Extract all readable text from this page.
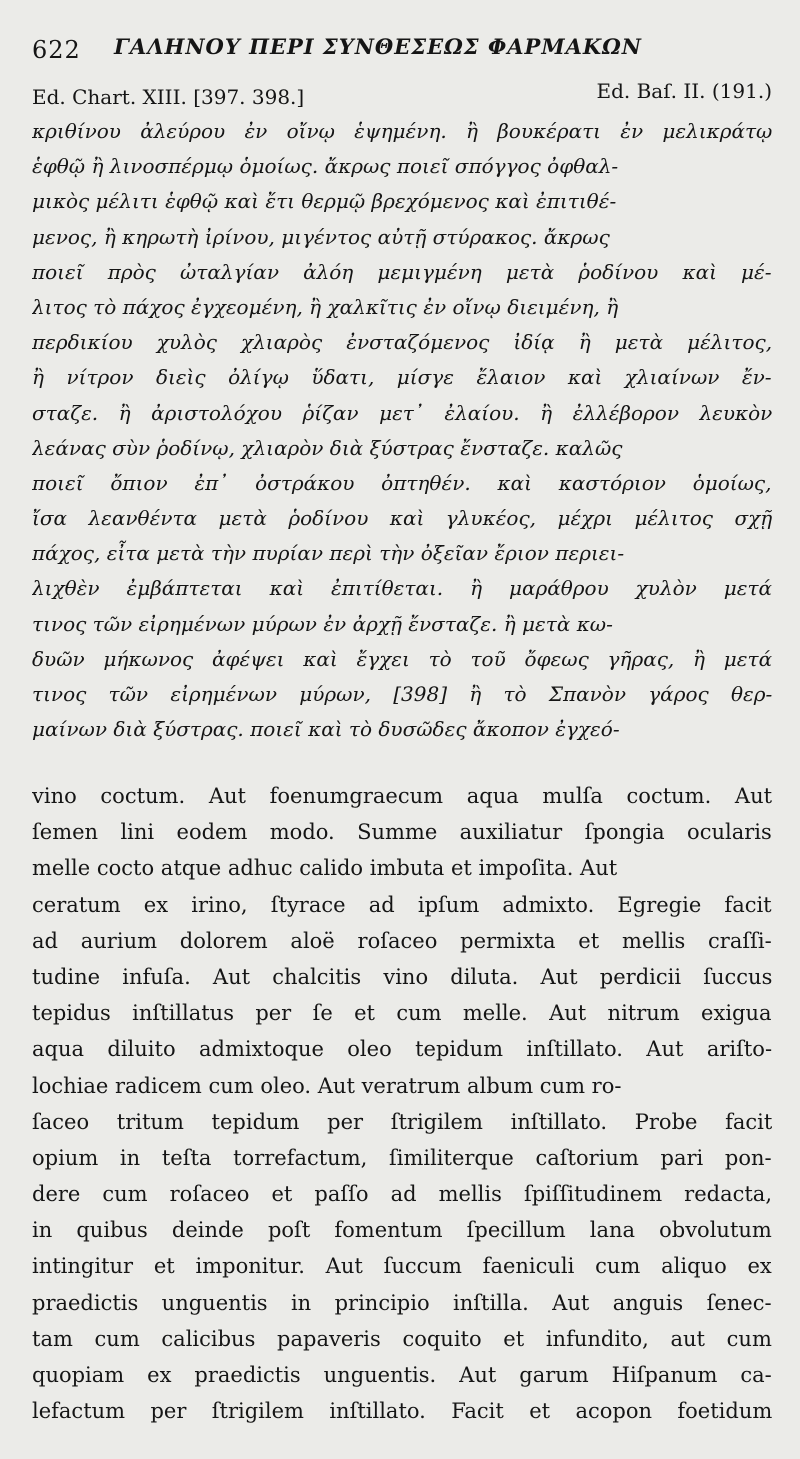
622 ΓΑΛΗΝΟΥ ΠΕΡΙ ΣΥΝΘΕΣΕΩΣ ΦΑΡΜΑΚΩΝ
Ed. Chart. XIII. [397. 398.]	Ed. Baſ. II. (191.)
κριθίνου ἀλεύρου ἐν οἴνῳ ἑψημένη. ἢ βουκέρατι ἐν μελικράτῳ
ἑφθῷ ἢ λινοσπέρμῳ ὁμοίως. ἄκρως ποιεῖ σπόγγος ὀφθαλ-
μικὸς μέλιτι ἑφθῷ καὶ ἔτι θερμῷ βρεχόμενος καὶ ἐπιτιθέ-
μενος, ἢ κηρωτὴ ἰρίνου, μιγέντος αὐτῇ στύρακος. ἄκρως
ποιεῖ πρὸς ὠταλγίαν ἀλόη μεμιγμένη μετὰ ῥοδίνου καὶ μέ-
λιτος τὸ πάχος ἐγχεομένη, ἢ χαλκῖτις ἐν οἴνῳ διειμένη, ἢ
περδικίου χυλὸς χλιαρὸς ἐνσταζόμενος ἰδίᾳ ἢ μετὰ μέλιτος,
ἢ νίτρον διεὶς ὀλίγῳ ὕδατι, μίσγε ἔλαιον καὶ χλιαίνων ἔν-
σταζε. ἢ ἀριστολόχου ῥίζαν μετ᾽ ἐλαίου. ἢ ἐλλέβορον λευκὸν
λεάνας σὺν ῥοδίνῳ, χλιαρὸν διὰ ξύστρας ἔνσταζε. καλῶς
ποιεῖ ὄπιον ἐπ᾽ ὀστράκου ὀπτηθέν. καὶ καστόριον ὁμοίως,
ἴσα λεανθέντα μετὰ ῥοδίνου καὶ γλυκέος, μέχρι μέλιτος σχῇ
πάχος, εἶτα μετὰ τὴν πυρίαν περὶ τὴν ὀξεῖαν ἔριον περιει-
λιχθὲν ἐμβάπτεται καὶ ἐπιτίθεται. ἢ μαράθρου χυλὸν μετά
τινος τῶν εἰρημένων μύρων ἐν ἀρχῇ ἔνσταζε. ἢ μετὰ κω-
δυῶν μήκωνος ἀφέψει καὶ ἔγχει τὸ τοῦ ὄφεως γῆρας, ἢ μετά
τινος τῶν εἰρημένων μύρων, [398] ἢ τὸ Σπανὸν γάρος θερ-
μαίνων διὰ ξύστρας. ποιεῖ καὶ τὸ δυσῶδες ἄκοπον ἐγχεό-
vino coctum. Aut foenumgraecum aqua mulſa coctum. Aut
ſemen lini eodem modo. Summe auxiliatur ſpongia ocularis
melle cocto atque adhuc calido imbuta et impoſita. Aut
ceratum ex irino, ſtyrace ad ipſum admixto. Egregie facit
ad aurium dolorem aloë roſaceo permixta et mellis craſſi-
tudine infuſa. Aut chalcitis vino diluta. Aut perdicii ſuccus
tepidus inſtillatus per ſe et cum melle. Aut nitrum exigua
aqua diluito admixtoque oleo tepidum inſtillato. Aut ariſto-
lochiae radicem cum oleo. Aut veratrum album cum ro-
ſaceo tritum tepidum per ſtrigilem inſtillato. Probe facit
opium in teſta torrefactum, ſimiliterque caſtorium pari pon-
dere cum roſaceo et paſſo ad mellis ſpiſſitudinem redacta,
in quibus deinde poſt fomentum ſpecillum lana obvolutum
intingitur et imponitur. Aut ſuccum faeniculi cum aliquo ex
praedictis unguentis in principio inſtilla. Aut anguis ſenec-
tam cum calicibus papaveris coquito et infundito, aut cum
quopiam ex praedictis unguentis. Aut garum Hiſpanum ca-
lefactum per ſtrigilem inſtillato. Facit et acopon foetidum
